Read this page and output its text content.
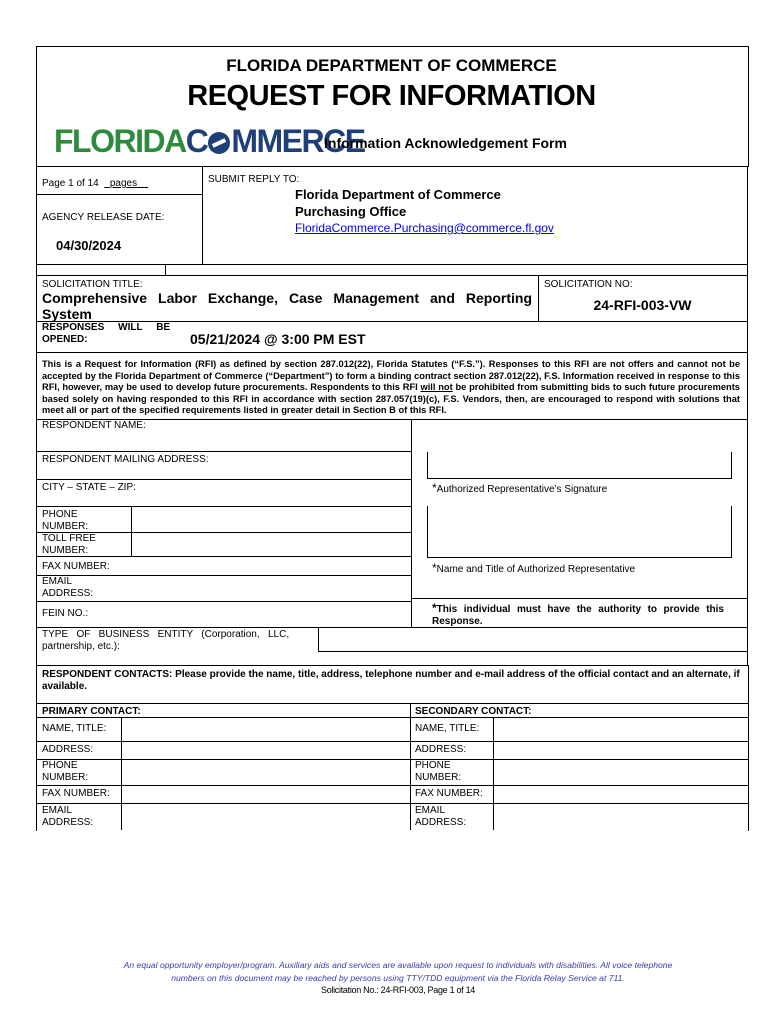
FLORIDA DEPARTMENT OF COMMERCE
REQUEST FOR INFORMATION
FLORIDAC MMERCE
Information Acknowledgement Form
Page 1 of 14 pages
AGENCY RELEASE DATE:
04/30/2024
SUBMIT REPLY TO:
Florida Department of Commerce
Purchasing Office
FloridaCommerce.Purchasing@commerce.fl.gov
SOLICITATION TITLE:
Comprehensive Labor Exchange, Case Management and Reporting
System
SOLICITATION NO:
24-RFI-003-VW
RESPONSES     WILL     BE
OPENED:	05/21/2024 @ 3:00 PM EST
This is a Request for Information (RFI) as defined by section 287.012(22), Florida Statutes (“F.S.”). Responses to this RFI are not offers and cannot not be accepted by the Florida Department of Commerce (“Department”) to form a binding contract section 287.012(22), F.S. Information received in response to this RFI, however, may be used to develop future procurements. Respondents to this RFI will not be prohibited from submitting bids to such future procurements based solely on having responded to this RFI in accordance with section 287.057(19)(c), F.S. Vendors, then, are encouraged to respond with solutions that meet all or part of the specified requirements listed in greater detail in Section B of this RFI.
RESPONDENT NAME:
RESPONDENT MAILING ADDRESS:
CITY – STATE – ZIP:
PHONE
NUMBER:
TOLL FREE
NUMBER:
FAX NUMBER:
EMAIL
ADDRESS:
FEIN NO.:
TYPE   OF   BUSINESS   ENTITY   (Corporation,   LLC,
partnership, etc.):
*Authorized Representative’s Signature
*Name and Title of Authorized Representative
*This individual must have the authority to provide this
Response.
RESPONDENT CONTACTS: Please provide the name, title, address, telephone number and e-mail address of the official contact and an alternate, if available.
PRIMARY CONTACT:	SECONDARY CONTACT:
NAME, TITLE:
ADDRESS:
PHONE
NUMBER:
FAX NUMBER:
EMAIL
ADDRESS:
NAME, TITLE:
ADDRESS:
PHONE
NUMBER:
FAX NUMBER:
EMAIL
ADDRESS:
An equal opportunity employer/program. Auxiliary aids and services are available upon request to individuals with disabilities. All voice telephone
numbers on this document may be reached by persons using TTY/TDD equipment via the Florida Relay Service at 711.
Solicitation No.: 24-RFI-003, Page 1 of 14
